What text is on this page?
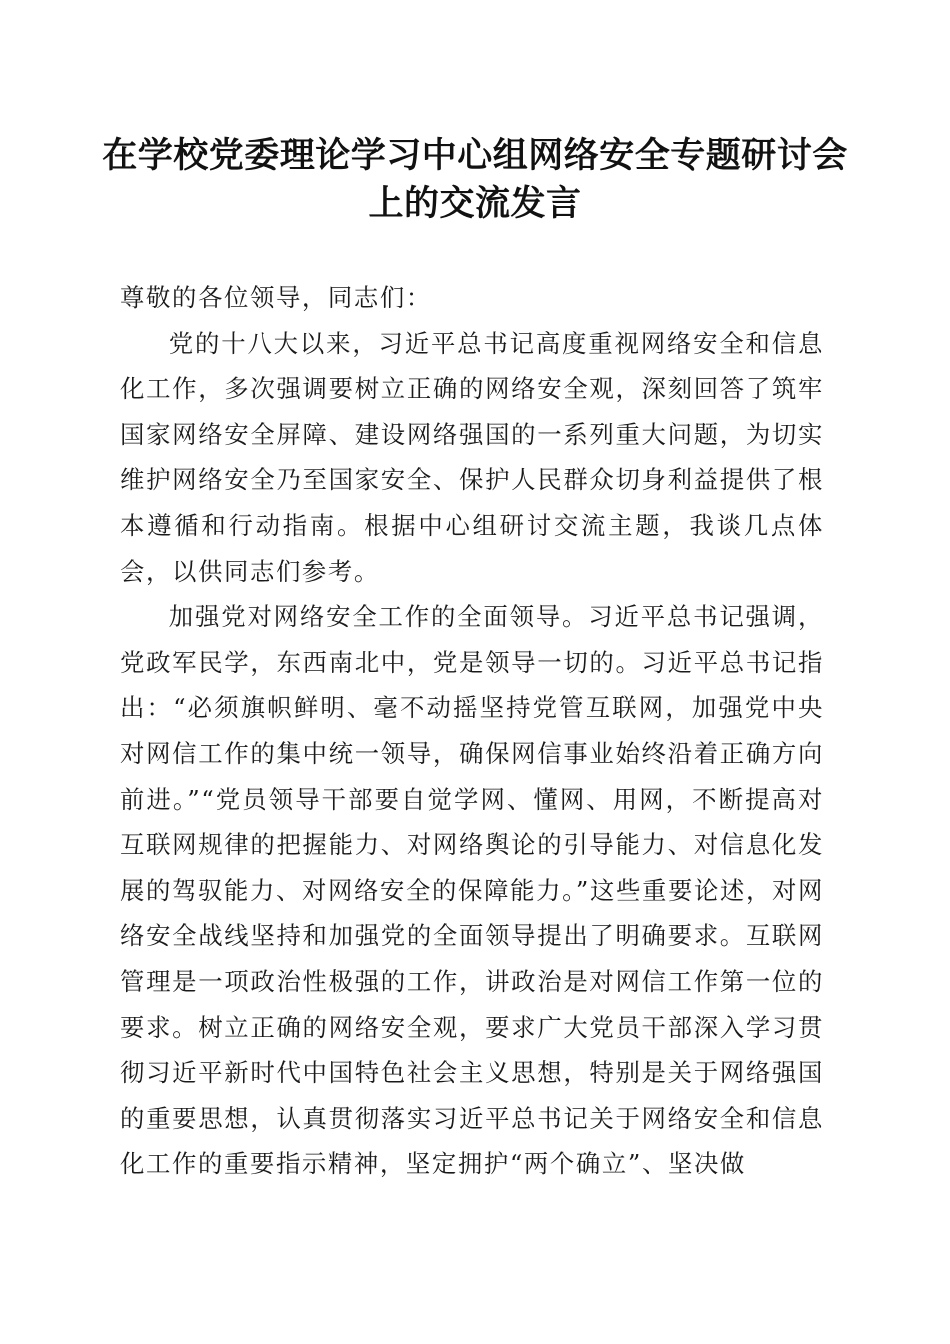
在学校党委理论学习中心组网络安全专题研讨会上的交流发言

尊敬的各位领导，同志们：

党的十八大以来，习近平总书记高度重视网络安全和信息化工作，多次强调要树立正确的网络安全观，深刻回答了筑牢国家网络安全屏障、建设网络强国的一系列重大问题，为切实维护网络安全乃至国家安全、保护人民群众切身利益提供了根本遵循和行动指南。根据中心组研讨交流主题，我谈几点体会，以供同志们参考。

加强党对网络安全工作的全面领导。习近平总书记强调，党政军民学，东西南北中，党是领导一切的。习近平总书记指出：“必须旗帜鲜明、毫不动摇坚持党管互联网，加强党中央对网信工作的集中统一领导，确保网信事业始终沿着正确方向前进。”“党员领导干部要自觉学网、懂网、用网，不断提高对互联网规律的把握能力、对网络舆论的引导能力、对信息化发展的驾驭能力、对网络安全的保障能力。”这些重要论述，对网络安全战线坚持和加强党的全面领导提出了明确要求。互联网管理是一项政治性极强的工作，讲政治是对网信工作第一位的要求。树立正确的网络安全观，要求广大党员干部深入学习贯彻习近平新时代中国特色社会主义思想，特别是关于网络强国的重要思想，认真贯彻落实习近平总书记关于网络安全和信息化工作的重要指示精神，坚定拥护“两个确立”、坚决做
